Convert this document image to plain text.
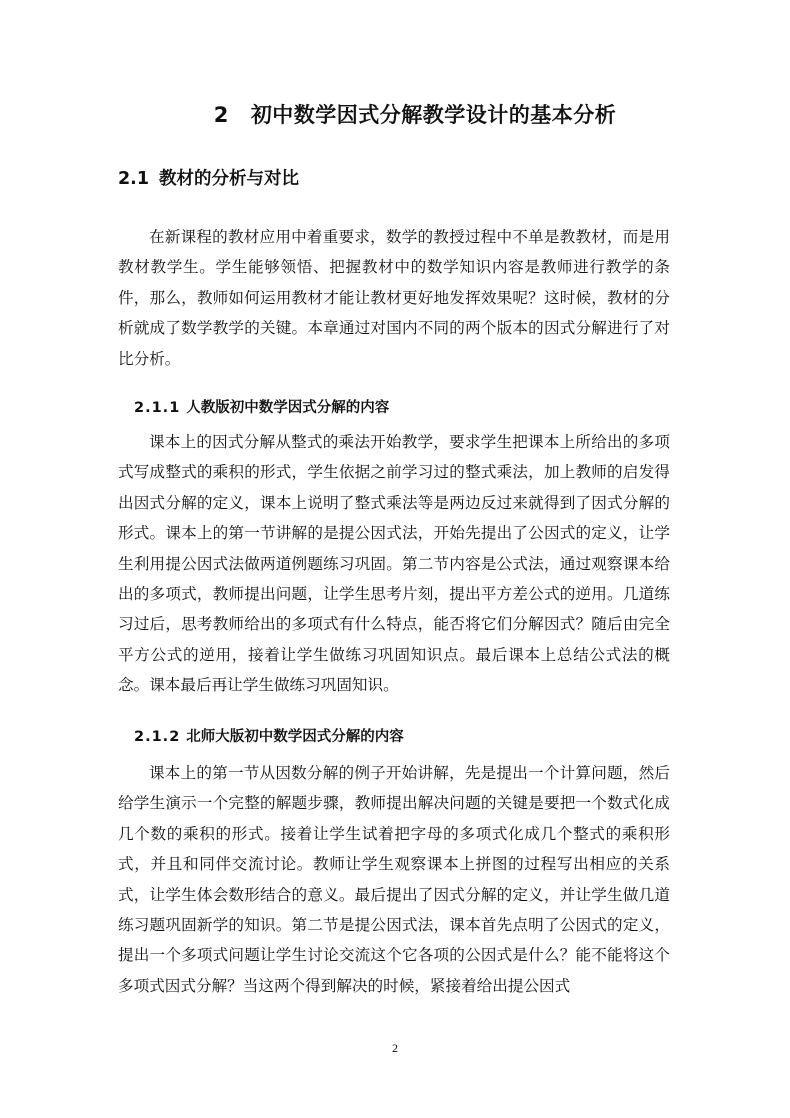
2 初中数学因式分解教学设计的基本分析
2.1 教材的分析与对比

在新课程的教材应用中着重要求，数学的教授过程中不单是教教材，而是用教材教学生。学生能够领悟、把握教材中的数学知识内容是教师进行教学的条件，那么，教师如何运用教材才能让教材更好地发挥效果呢？这时候，教材的分析就成了数学教学的关键。本章通过对国内不同的两个版本的因式分解进行了对比分析。

2.1.1 人教版初中数学因式分解的内容

课本上的因式分解从整式的乘法开始教学，要求学生把课本上所给出的多项式写成整式的乘积的形式，学生依据之前学习过的整式乘法，加上教师的启发得出因式分解的定义，课本上说明了整式乘法等是两边反过来就得到了因式分解的形式。课本上的第一节讲解的是提公因式法，开始先提出了公因式的定义，让学生利用提公因式法做两道例题练习巩固。第二节内容是公式法，通过观察课本给出的多项式，教师提出问题，让学生思考片刻，提出平方差公式的逆用。几道练习过后，思考教师给出的多项式有什么特点，能否将它们分解因式？随后由完全平方公式的逆用，接着让学生做练习巩固知识点。最后课本上总结公式法的概念。课本最后再让学生做练习巩固知识。

2.1.2 北师大版初中数学因式分解的内容

课本上的第一节从因数分解的例子开始讲解，先是提出一个计算问题，然后给学生演示一个完整的解题步骤，教师提出解决问题的关键是要把一个数式化成几个数的乘积的形式。接着让学生试着把字母的多项式化成几个整式的乘积形式，并且和同伴交流讨论。教师让学生观察课本上拼图的过程写出相应的关系式，让学生体会数形结合的意义。最后提出了因式分解的定义，并让学生做几道练习题巩固新学的知识。第二节是提公因式法，课本首先点明了公因式的定义，提出一个多项式问题让学生讨论交流这个它各项的公因式是什么？能不能将这个多项式因式分解？当这两个得到解决的时候，紧接着给出提公因式

2
